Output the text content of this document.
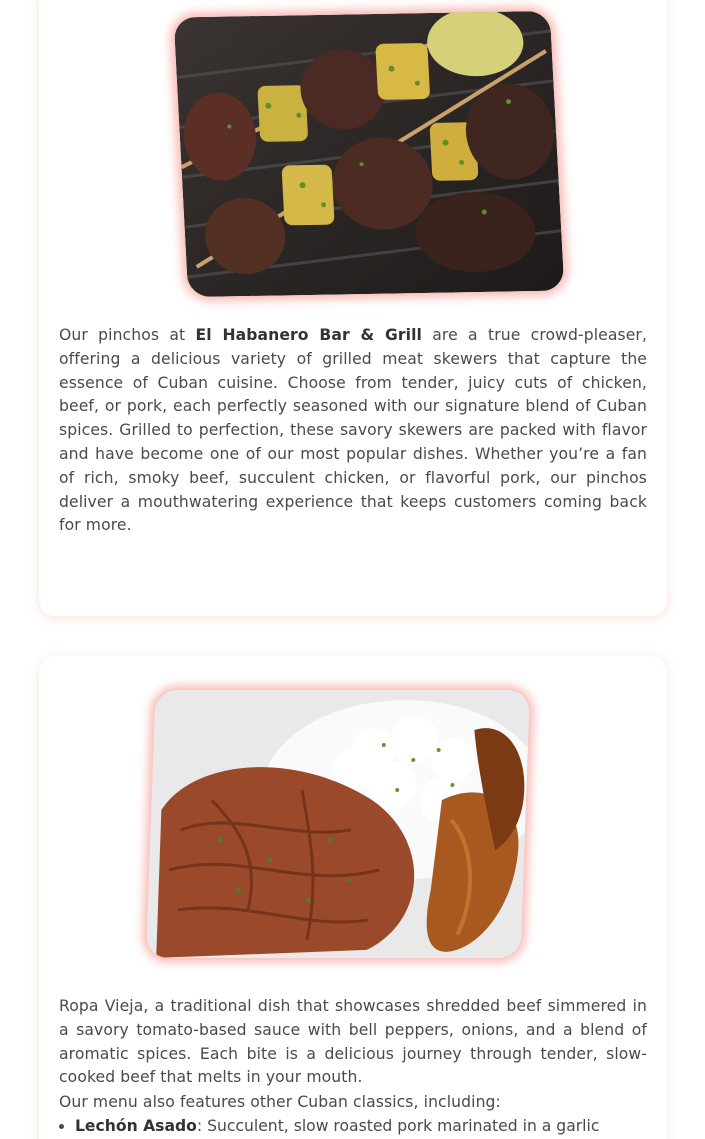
Our pinchos at El Habanero Bar & Grill are a true crowd-pleaser, offering a delicious variety of grilled meat skewers that capture the essence of Cuban cuisine. Choose from tender, juicy cuts of chicken, beef, or pork, each perfectly seasoned with our signature blend of Cuban spices. Grilled to perfection, these savory skewers are packed with flavor and have become one of our most popular dishes. Whether you’re a fan of rich, smoky beef, succulent chicken, or flavorful pork, our pinchos deliver a mouthwatering experience that keeps customers coming back for more.

Ropa Vieja, a traditional dish that showcases shredded beef simmered in a savory tomato-based sauce with bell peppers, onions, and a blend of aromatic spices. Each bite is a delicious journey through tender, slow-cooked beef that melts in your mouth.

Our menu also features other Cuban classics, including:

• Lechón Asado: Succulent, slow roasted pork marinated in a garlic
